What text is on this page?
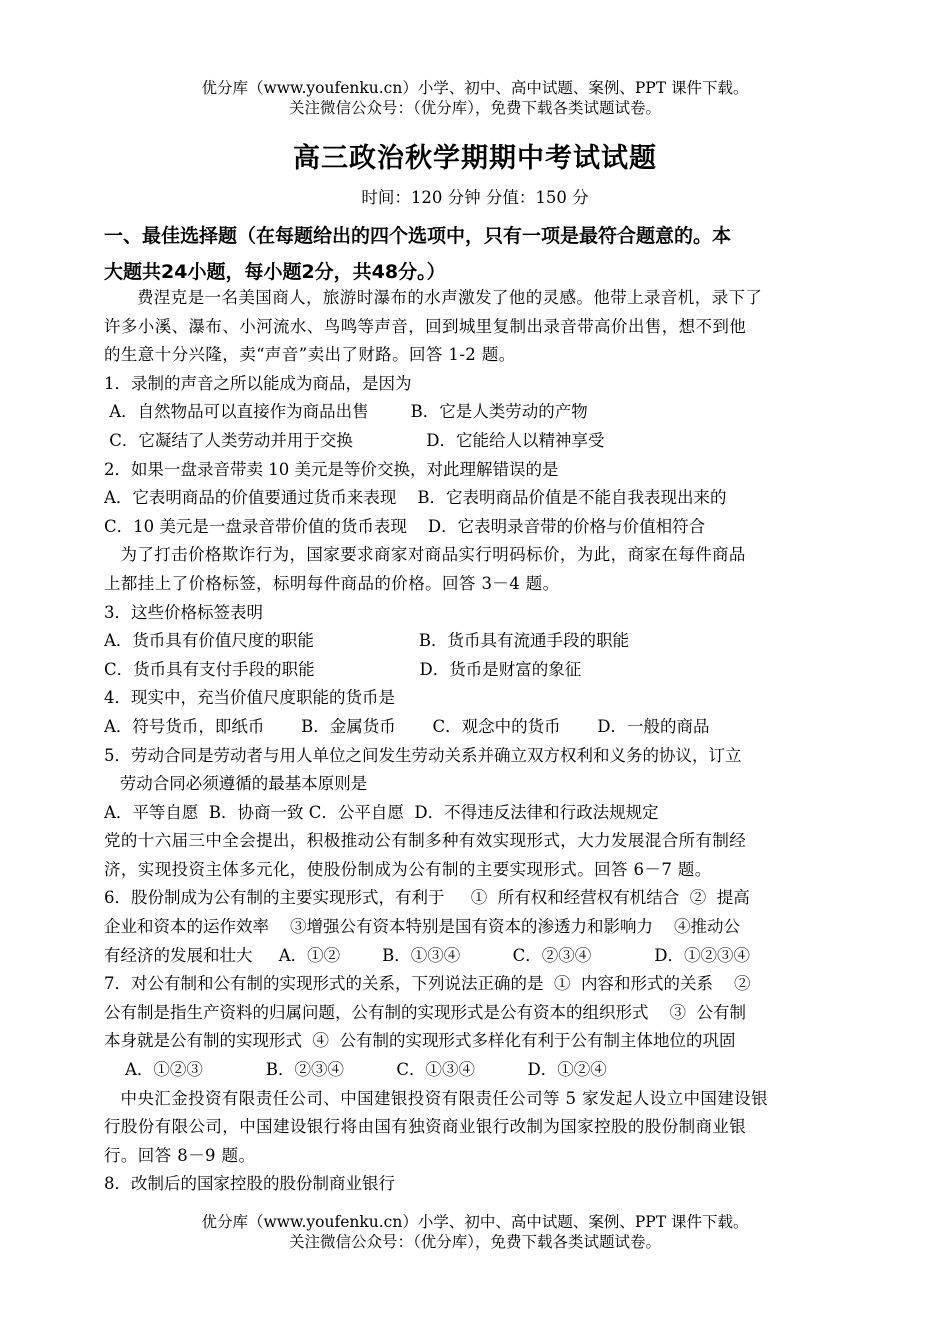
优分库（www.youfenku.cn）小学、初中、高中试题、案例、PPT 课件下载。
关注微信公众号：（优分库），免费下载各类试题试卷。
高三政治秋学期期中考试试题
时间：120 分钟 分值：150 分
一、最佳选择题（在每题给出的四个选项中，只有一项是最符合题意的。本
大题共24小题，每小题2分，共48分。）
费涅克是一名美国商人，旅游时瀑布的水声激发了他的灵感。他带上录音机，录下了
许多小溪、瀑布、小河流水、鸟鸣等声音，回到城里复制出录音带高价出售，想不到他
的生意十分兴隆，卖“声音”卖出了财路。回答 1-2 题。
1．录制的声音之所以能成为商品，是因为
A．自然物品可以直接作为商品出售        B．它是人类劳动的产物
C．它凝结了人类劳动并用于交换              D．它能给人以精神享受
2．如果一盘录音带卖 10 美元是等价交换，对此理解错误的是
A．它表明商品的价值要通过货币来表现    B．它表明商品价值是不能自我表现出来的
C．10 美元是一盘录音带价值的货币表现    D．它表明录音带的价格与价值相符合
为了打击价格欺诈行为，国家要求商家对商品实行明码标价，为此，商家在每件商品
上都挂上了价格标签，标明每件商品的价格。回答 3－4 题。
3．这些价格标签表明
A．货币具有价值尺度的职能                    B．货币具有流通手段的职能
C．货币具有支付手段的职能                    D．货币是财富的象征
4．现实中，充当价值尺度职能的货币是
A．符号货币，即纸币       B．金属货币       C．观念中的货币       D．一般的商品
5．劳动合同是劳动者与用人单位之间发生劳动关系并确立双方权利和义务的协议，订立
劳动合同必须遵循的最基本原则是
A．平等自愿  B．协商一致 C．公平自愿  D．不得违反法律和行政法规规定
党的十六届三中全会提出，积极推动公有制多种有效实现形式，大力发展混合所有制经
济，实现投资主体多元化，使股份制成为公有制的主要实现形式。回答 6－7 题。
6．股份制成为公有制的主要实现形式，有利于     ①  所有权和经营权有机结合  ②  提高
企业和资本的运作效率    ③增强公有资本特别是国有资本的渗透力和影响力    ④推动公
有经济的发展和壮大     A．①②        B．①③④          C．②③④            D．①②③④
7．对公有制和公有制的实现形式的关系，下列说法正确的是  ①  内容和形式的关系    ②
公有制是指生产资料的归属问题，公有制的实现形式是公有资本的组织形式    ③  公有制
本身就是公有制的实现形式  ④  公有制的实现形式多样化有利于公有制主体地位的巩固
A．①②③            B．②③④          C．①③④          D．①②④
中央汇金投资有限责任公司、中国建银投资有限责任公司等 5 家发起人设立中国建设银
行股份有限公司，中国建设银行将由国有独资商业银行改制为国家控股的股份制商业银
行。回答 8－9 题。
8．改制后的国家控股的股份制商业银行
优分库（www.youfenku.cn）小学、初中、高中试题、案例、PPT 课件下载。
关注微信公众号：（优分库），免费下载各类试题试卷。
